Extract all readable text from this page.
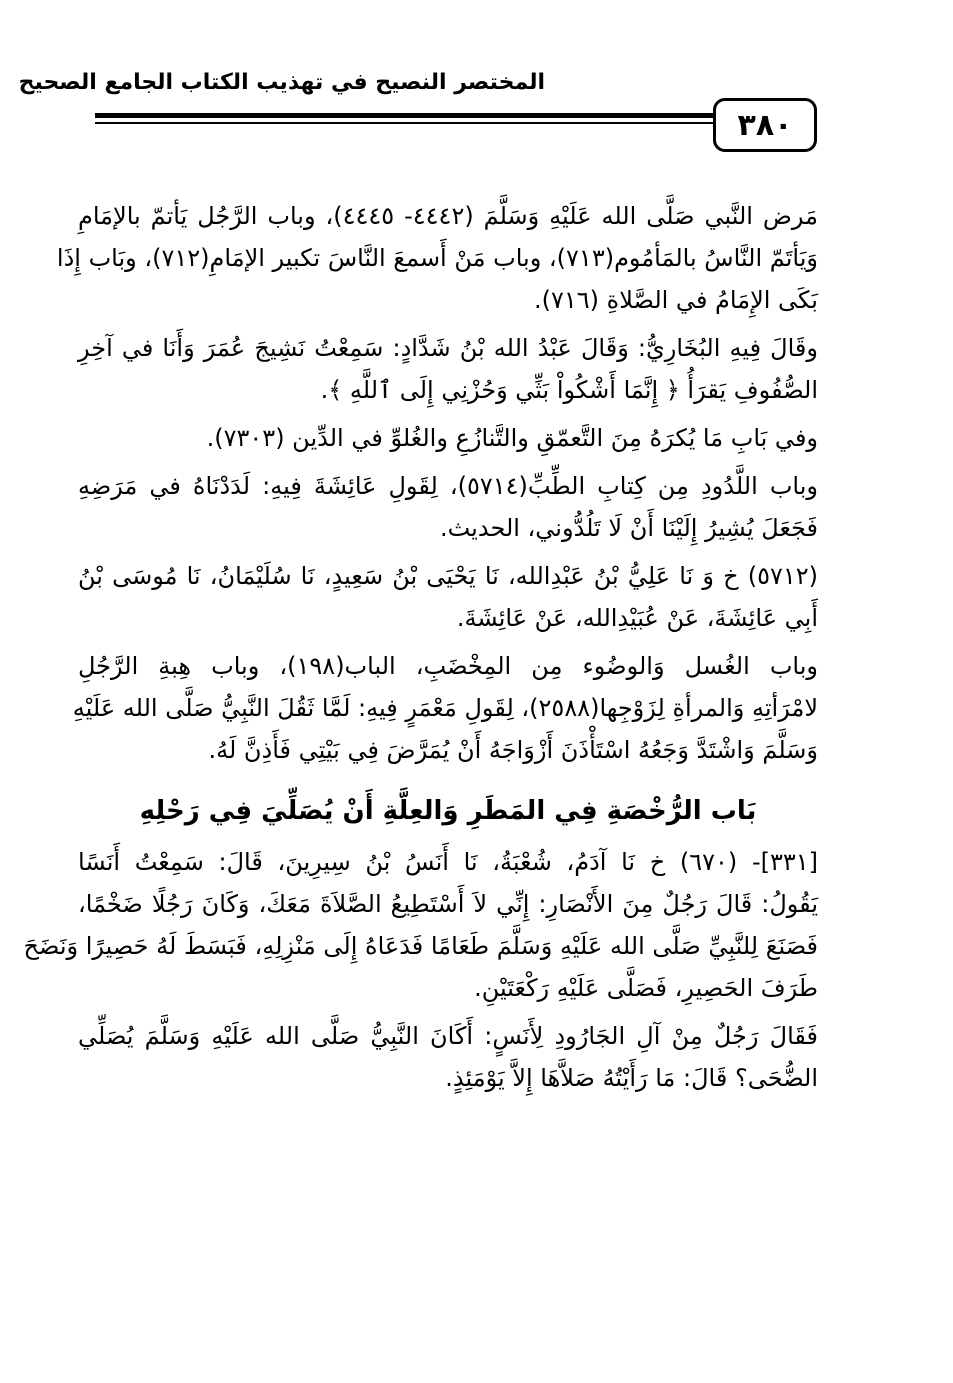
المختصر النصيح في تهذيب الكتاب الجامع الصحيح
٣٨٠
مَرض النَّبي صَلَّى الله عَلَيْهِ وَسَلَّمَ (٤٤٤٢- ٤٤٤٥)، وباب الرَّجُل يَأتمّ بالإمَامِ
وَيَأتَمّ النَّاسُ بالمَأمُوم(٧١٣)، وباب مَنْ أَسمعَ النَّاسَ تكبير الإمَامِ(٧١٢)، وبَاب إِذَا
بَكَى الإِمَامُ في الصَّلاةِ (٧١٦).
وقَالَ فِيهِ البُخَارِيُّ: وَقَالَ عَبْدُ الله بْنُ شَدَّادٍ: سَمِعْتُ نَشِيجَ عُمَرَ وَأَنَا في آخِرِ
الصُّفُوفِ يَقرَأُ ﴿ إِنَّمَا أَشْكُواْ بَثِّي وَحُزْنِي إِلَى ٱللَّهِ ﴾.
وفي بَابِ مَا يُكرَهُ مِنَ التَّعمّقِ والتَّنازُعِ والغُلوِّ في الدِّين (٧٣٠٣).
وباب اللَّدُودِ مِن كِتابِ الطِّبِّ(٥٧١٤)، لِقَولِ عَائِشَةَ فِيهِ: لَدَدْنَاهُ في مَرَضِهِ
فَجَعَلَ يُشِيرُ إِلَيْنَا أَنْ لَا تَلُدُّوني، الحديث.
(٥٧١٢) خ وَ نَا عَلِيُّ بْنُ عَبْدِالله، نَا يَحْيَى بْنُ سَعِيدٍ، نَا سُلَيْمَانُ، نَا مُوسَى بْنُ
أَبِي عَائِشَةَ، عَنْ عُبَيْدِالله، عَنْ عَائِشَةَ.
وباب الغُسل وَالوضُوء مِن المِخْضَبِ، الباب(١٩٨)، وباب هِبةِ الرَّجُلِ
لامْرَأتِهِ وَالمرأةِ لِزَوْجِها(٢٥٨٨)، لِقَولِ مَعْمَرٍ فِيهِ: لَمَّا ثَقُلَ النَّبِيُّ صَلَّى الله عَلَيْهِ
وَسَلَّمَ وَاشْتَدَّ وَجَعُهُ اسْتَأْذَنَ أَزْوَاجَهُ أَنْ يُمَرَّضَ فِي بَيْتِي فَأَذِنَّ لَهُ.
بَاب الرُّخْصَةِ فِي المَطَرِ وَالعِلَّةِ أَنْ يُصَلِّيَ فِي رَحْلِهِ
[٣٣١]- (٦٧٠) خ نَا آدَمُ، شُعْبَةُ، نَا أَنَسُ بْنُ سِيرِينَ، قَالَ: سَمِعْتُ أَنَسًا
يَقُولُ: قَالَ رَجُلٌ مِنَ الأَنْصَارِ: إِنِّي لاَ أَسْتَطِيعُ الصَّلاَةَ مَعَكَ، وَكَانَ رَجُلًا ضَخْمًا،
فَصَنَعَ لِلنَّبِيِّ صَلَّى الله عَلَيْهِ وَسَلَّمَ طَعَامًا فَدَعَاهُ إِلَى مَنْزِلِهِ، فَبَسَطَ لَهُ حَصِيرًا وَنَضَحَ
طَرَفَ الحَصِيرِ، فَصَلَّى عَلَيْهِ رَكْعَتَيْنِ.
فَقَالَ رَجُلٌ مِنْ آلِ الجَارُودِ لِأَنَسٍ: أَكَانَ النَّبِيُّ صَلَّى الله عَلَيْهِ وَسَلَّمَ يُصَلِّي
الضُّحَى؟ قَالَ: مَا رَأَيْتُهُ صَلاَّهَا إِلاَّ يَوْمَئِذٍ.
